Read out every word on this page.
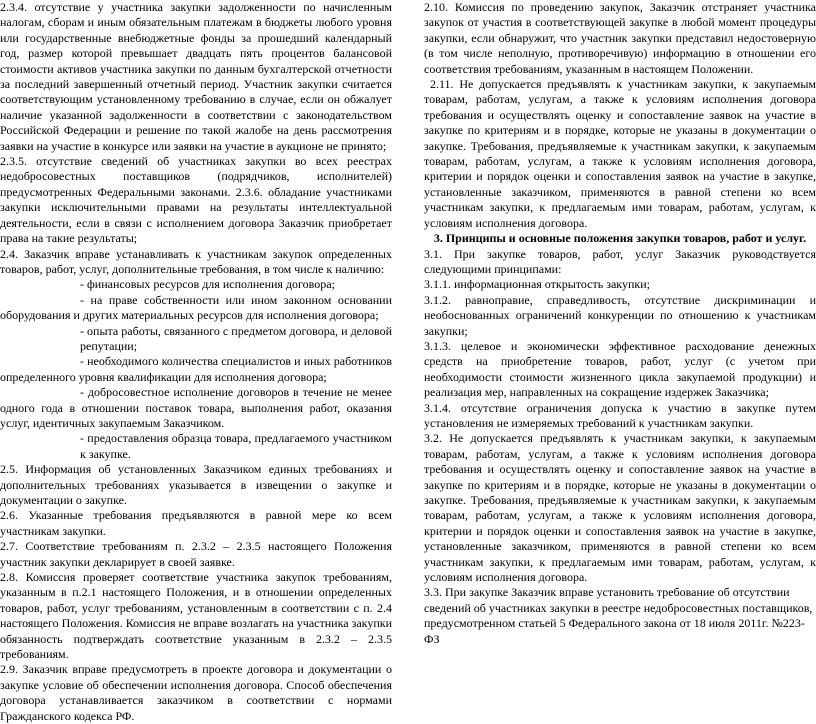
2.3.4. отсутствие у участника закупки задолженности по начисленным налогам, сборам и иным обязательным платежам в бюджеты любого уровня или государственные внебюджетные фонды за прошедший календарный год, размер которой превышает двадцать пять процентов балансовой стоимости активов участника закупки по данным бухгалтерской отчетности за последний завершенный отчетный период. Участник закупки считается соответствующим установленному требованию в случае, если он обжалует наличие указанной задолженности в соответствии с законодательством Российской Федерации и решение по такой жалобе на день рассмотрения заявки на участие в конкурсе или заявки на участие в аукционе не принято;

2.3.5. отсутствие сведений об участниках закупки во всех реестрах недобросовестных поставщиков (подрядчиков, исполнителей) предусмотренных Федеральными законами. 2.3.6. обладание участниками закупки исключительными правами на результаты интеллектуальной деятельности, если в связи с исполнением договора Заказчик приобретает права на такие результаты;

2.4. Заказчик вправе устанавливать к участникам закупок определенных товаров, работ, услуг, дополнительные требования, в том числе к наличию:

- финансовых ресурсов для исполнения договора;

- на праве собственности или ином законном основании оборудования и других материальных ресурсов для исполнения договора;

- опыта работы, связанного с предметом договора, и деловой репутации;

- необходимого количества специалистов и иных работников определенного уровня квалификации для исполнения договора;

- добросовестное исполнение договоров в течение не менее одного года в отношении поставок товара, выполнения работ, оказания услуг, идентичных закупаемым Заказчиком.

- предоставления образца товара, предлагаемого участником к закупке.

2.5. Информация об установленных Заказчиком единых требованиях и дополнительных требованиях указывается в извещении о закупке и документации о закупке.

2.6. Указанные требования предъявляются в равной мере ко всем участникам закупки.

2.7. Соответствие требованиям п. 2.3.2 – 2.3.5 настоящего Положения участник закупки декларирует в своей заявке.

2.8. Комиссия проверяет соответствие участника закупок требованиям, указанным в п.2.1 настоящего Положения, и в отношении определенных товаров, работ, услуг требованиям, установленным в соответствии с п. 2.4 настоящего Положения. Комиссия не вправе возлагать на участника закупки обязанность подтверждать соответствие указанным в 2.3.2 – 2.3.5 требованиям.

2.9. Заказчик вправе предусмотреть в проекте договора и документации о закупке условие об обеспечении исполнения договора. Способ обеспечения договора устанавливается заказчиком в соответствии с нормами Гражданского кодекса РФ.

2.10. Комиссия по проведению закупок, Заказчик отстраняет участника закупок от участия в соответствующей закупке в любой момент процедуры закупки, если обнаружит, что участник закупки представил недостоверную (в том числе неполную, противоречивую) информацию в отношении его соответствия требованиям, указанным в настоящем Положении.

2.11. Не допускается предъявлять к участникам закупки, к закупаемым товарам, работам, услугам, а также к условиям исполнения договора требования и осуществлять оценку и сопоставление заявок на участие в закупке по критериям и в порядке, которые не указаны в документации о закупке. Требования, предъявляемые к участникам закупки, к закупаемым товарам, работам, услугам, а также к условиям исполнения договора, критерии и порядок оценки и сопоставления заявок на участие в закупке, установленные заказчиком, применяются в равной степени ко всем участникам закупки, к предлагаемым ими товарам, работам, услугам, к условиям исполнения договора.

3. Принципы и основные положения закупки товаров, работ и услуг.

3.1. При закупке товаров, работ, услуг Заказчик руководствуется следующими принципами:

3.1.1. информационная открытость закупки;

3.1.2. равноправие, справедливость, отсутствие дискриминации и необоснованных ограничений конкуренции по отношению к участникам закупки;

3.1.3. целевое и экономически эффективное расходование денежных средств на приобретение товаров, работ, услуг (с учетом при необходимости стоимости жизненного цикла закупаемой продукции) и реализация мер, направленных на сокращение издержек Заказчика;

3.1.4. отсутствие ограничения допуска к участию в закупке путем установления не измеряемых требований к участникам закупки.

3.2. Не допускается предъявлять к участникам закупки, к закупаемым товарам, работам, услугам, а также к условиям исполнения договора требования и осуществлять оценку и сопоставление заявок на участие в закупке по критериям и в порядке, которые не указаны в документации о закупке. Требования, предъявляемые к участникам закупки, к закупаемым товарам, работам, услугам, а также к условиям исполнения договора, критерии и порядок оценки и сопоставления заявок на участие в закупке, установленные заказчиком, применяются в равной степени ко всем участникам закупки, к предлагаемым ими товарам, работам, услугам, к условиям исполнения договора.

3.3. При закупке Заказчик вправе установить требование об отсутствии сведений об участниках закупки в реестре недобросовестных поставщиков, предусмотренном статьей 5 Федерального закона от 18 июля 2011г. №223-ФЗ
